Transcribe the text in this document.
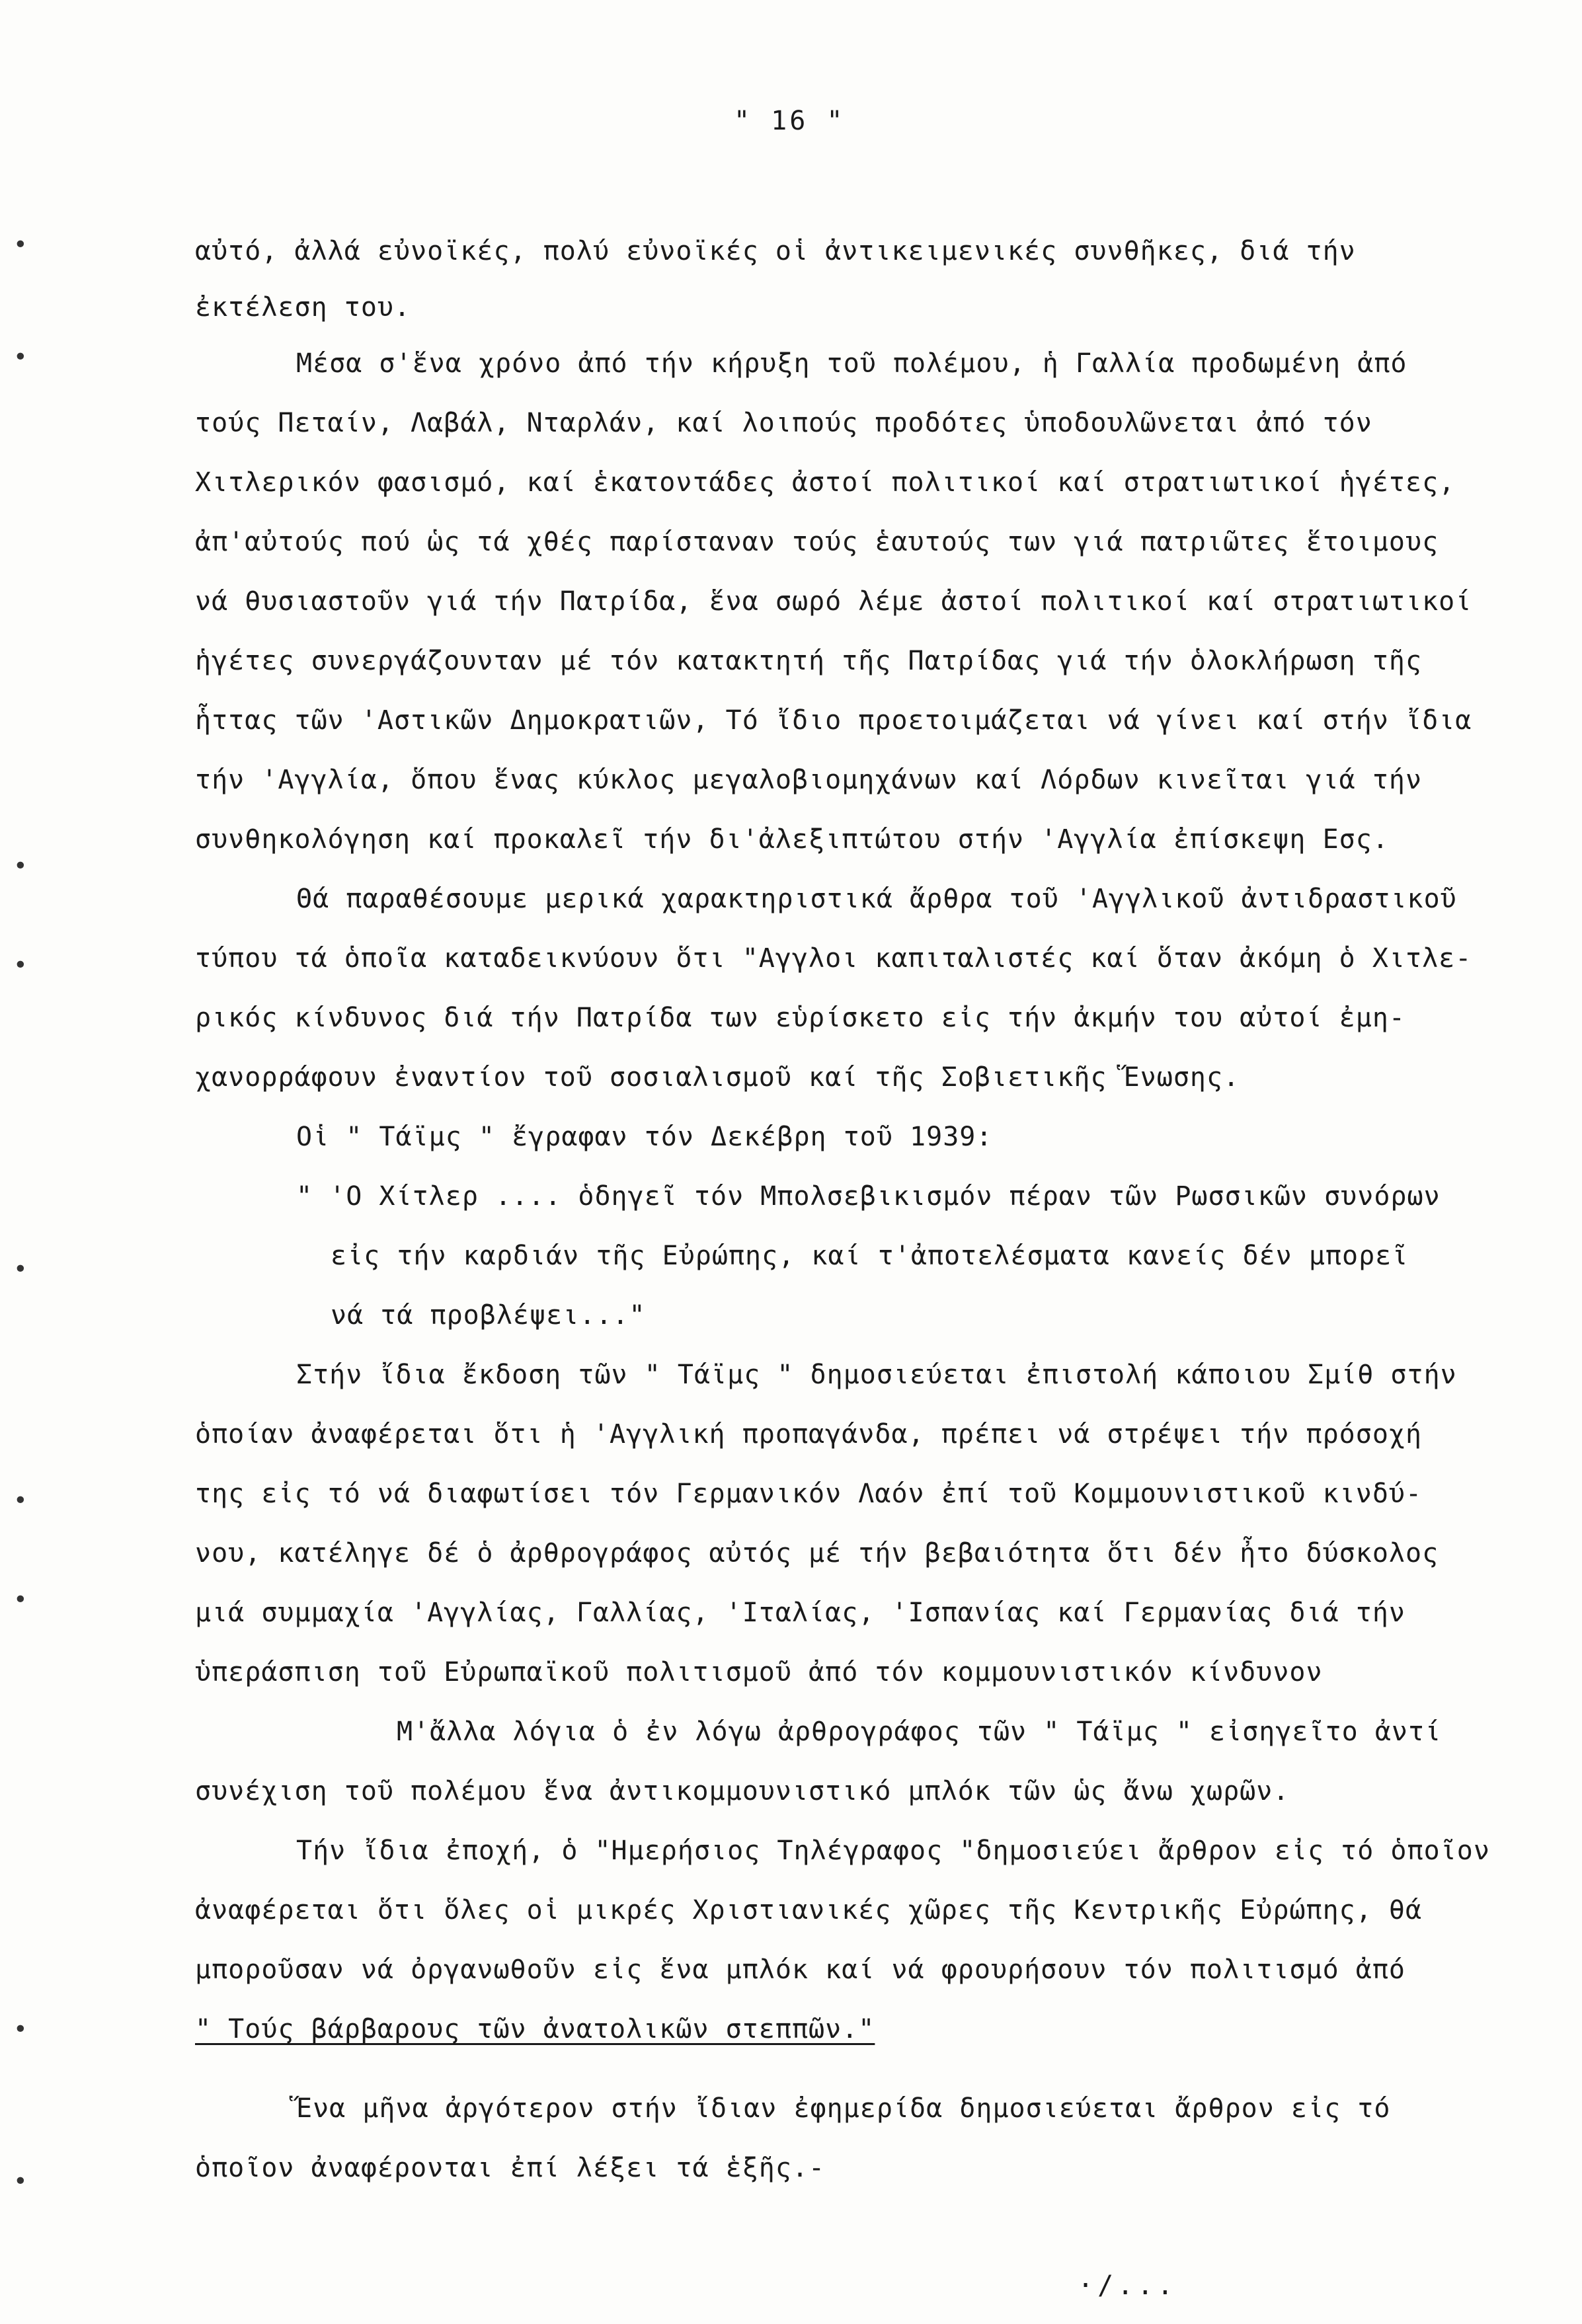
" 16 "
•
•
•
•
•
•
•
•
•
αὐτό, ἀλλά εὐνοϊκές, πολύ εὐνοϊκές οἱ ἀντικειμενικές συνθῆκες, διά τήν
ἐκτέλεση του.
Μέσα σ'ἕνα χρόνο ἀπό τήν κήρυξη τοῦ πολέμου, ἡ Γαλλία προδωμένη ἀπό
τούς Πεταίν, Λαβάλ, Νταρλάν, καί λοιπούς προδότες ὑποδουλῶνεται ἀπό τόν
Χιτλερικόν φασισμό, καί ἑκατοντάδες ἀστοί πολιτικοί καί στρατιωτικοί ἡγέτες,
ἀπ'αὐτούς πού ὡς τά χθές παρίσταναν τούς ἑαυτούς των γιά πατριῶτες ἕτοιμους
νά θυσιαστοῦν γιά τήν Πατρίδα, ἕνα σωρό λέμε ἀστοί πολιτικοί καί στρατιωτικοί
ἡγέτες συνεργάζουνταν μέ τόν κατακτητή τῆς Πατρίδας γιά τήν ὁλοκλήρωση τῆς
ἧττας τῶν 'Αστικῶν Δημοκρατιῶν, Τό ἴδιο προετοιμάζεται νά γίνει καί στήν ἴδια
τήν 'Αγγλία, ὅπου ἕνας κύκλος μεγαλοβιομηχάνων καί Λόρδων κινεῖται γιά τήν
συνθηκολόγηση καί προκαλεῖ τήν δι'ἀλεξιπτώτου στήν 'Αγγλία ἐπίσκεψη Εσς.
Θά παραθέσουμε μερικά χαρακτηριστικά ἄρθρα τοῦ 'Αγγλικοῦ ἀντιδραστικοῦ
τύπου τά ὁποῖα καταδεικνύουν ὅτι "Αγγλοι καπιταλιστές καί ὅταν ἀκόμη ὁ Χιτλε-
ρικός κίνδυνος διά τήν Πατρίδα των εὑρίσκετο εἰς τήν ἀκμήν του αὐτοί ἐμη-
χανορράφουν ἐναντίον τοῦ σοσιαλισμοῦ καί τῆς Σοβιετικῆς Ἕνωσης.
Οἱ " Τάϊμς " ἔγραφαν τόν Δεκέβρη τοῦ 1939:
" 'Ο Χίτλερ .... ὁδηγεῖ τόν Μπολσεβικισμόν πέραν τῶν Ρωσσικῶν συνόρων
εἰς τήν καρδιάν τῆς Εὐρώπης, καί τ'ἀποτελέσματα κανείς δέν μπορεῖ
νά τά προβλέψει..."
Στήν ἴδια ἔκδοση τῶν " Τάϊμς " δημοσιεύεται ἐπιστολή κάποιου Σμίθ στήν
ὁποίαν ἀναφέρεται ὅτι ἡ 'Αγγλική προπαγάνδα, πρέπει νά στρέψει τήν πρόσοχή
της εἰς τό νά διαφωτίσει τόν Γερμανικόν Λαόν ἐπί τοῦ Κομμουνιστικοῦ κινδύ-
νου, κατέληγε δέ ὁ ἀρθρογράφος αὐτός μέ τήν βεβαιότητα ὅτι δέν ἦτο δύσκολος
μιά συμμαχία 'Αγγλίας, Γαλλίας, 'Ιταλίας, 'Ισπανίας καί Γερμανίας διά τήν
ὑπεράσπιση τοῦ Εὐρωπαϊκοῦ πολιτισμοῦ ἀπό τόν κομμουνιστικόν κίνδυνον
Μ'ἄλλα λόγια ὁ ἐν λόγω ἀρθρογράφος τῶν " Τάϊμς " εἰσηγεῖτο ἀντί
συνέχιση τοῦ πολέμου ἕνα ἀντικομμουνιστικό μπλόκ τῶν ὡς ἄνω χωρῶν.
Τήν ἴδια ἐποχή, ὁ "Ημερήσιος Τηλέγραφος "δημοσιεύει ἄρθρον εἰς τό ὁποῖον
ἀναφέρεται ὅτι ὅλες οἱ μικρές Χριστιανικές χῶρες τῆς Κεντρικῆς Εὐρώπης, θά
μποροῦσαν νά ὀργανωθοῦν εἰς ἕνα μπλόκ καί νά φρουρήσουν τόν πολιτισμό ἀπό
" Τούς βάρβαρους τῶν ἀνατολικῶν στεππῶν."
Ἕνα μῆνα ἀργότερον στήν ἴδιαν ἐφημερίδα δημοσιεύεται ἄρθρον εἰς τό
ὁποῖον ἀναφέρονται ἐπί λέξει τά ἑξῆς.-
·/...
